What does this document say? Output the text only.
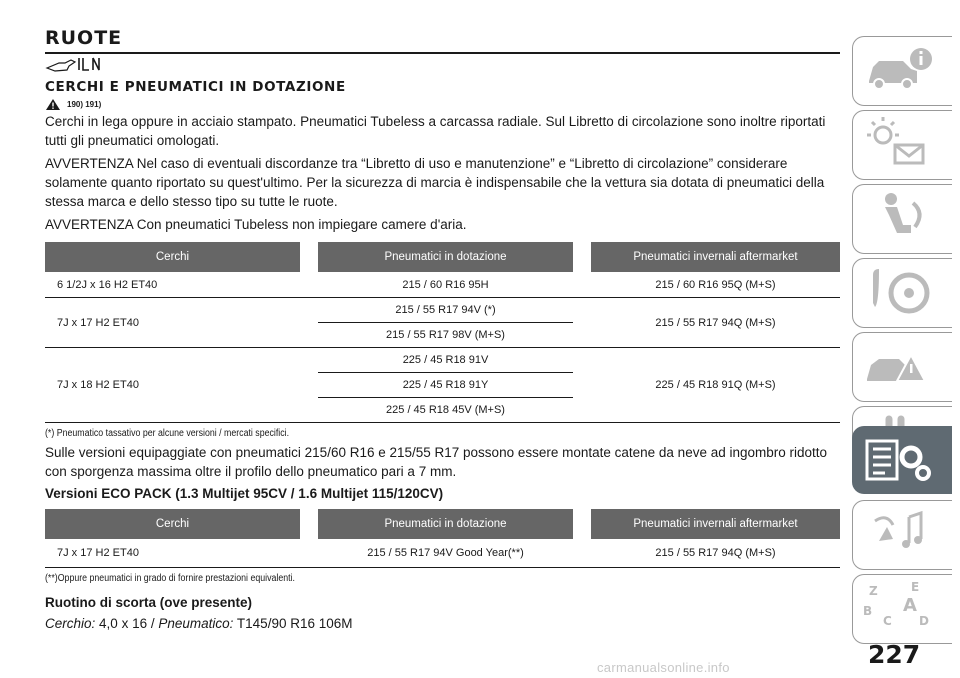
RUOTE
CERCHI E PNEUMATICI IN DOTAZIONE
190) 191)

Cerchi in lega oppure in acciaio stampato. Pneumatici Tubeless a carcassa radiale. Sul Libretto di circolazione sono inoltre riportati tutti gli pneumatici omologati.

AVVERTENZA Nel caso di eventuali discordanze tra “Libretto di uso e manutenzione” e “Libretto di circolazione” considerare solamente quanto riportato su quest'ultimo. Per la sicurezza di marcia è indispensabile che la vettura sia dotata di pneumatici della stessa marca e dello stesso tipo su tutte le ruote.

AVVERTENZA Con pneumatici Tubeless non impiegare camere d'aria.

Cerchi		Pneumatici in dotazione		Pneumatici invernali aftermarket
6 1/2J x 16 H2 ET40		215 / 60 R16 95H		215 / 60 R16 95Q (M+S)
7J x 17 H2 ET40		215 / 55 R17 94V (*)		215 / 55 R17 94Q (M+S)
		215 / 55 R17 98V (M+S)		
7J x 18 H2 ET40		225 / 45 R18 91V		225 / 45 R18 91Q (M+S)
		225 / 45 R18 91Y		
		225 / 45 R18 45V (M+S)		
(*) Pneumatico tassativo per alcune versioni / mercati specifici.

Sulle versioni equipaggiate con pneumatici 215/60 R16 e 215/55 R17 possono essere montate catene da neve ad ingombro ridotto con sporgenza massima oltre il profilo dello pneumatico pari a 7 mm.

Versioni ECO PACK (1.3 Multijet 95CV / 1.6 Multijet 115/120CV)
Cerchi		Pneumatici in dotazione		Pneumatici invernali aftermarket
7J x 17 H2 ET40		215 / 55 R17 94V Good Year(**)		215 / 55 R17 94Q (M+S)
(**)Oppure pneumatici in grado di fornire prestazioni equivalenti.
Ruotino di scorta (ove presente)

Cerchio: 4,0 x 16 / Pneumatico: T145/90 R16 106M

Z	E
B A
C D
227
carmanualsonline.info
